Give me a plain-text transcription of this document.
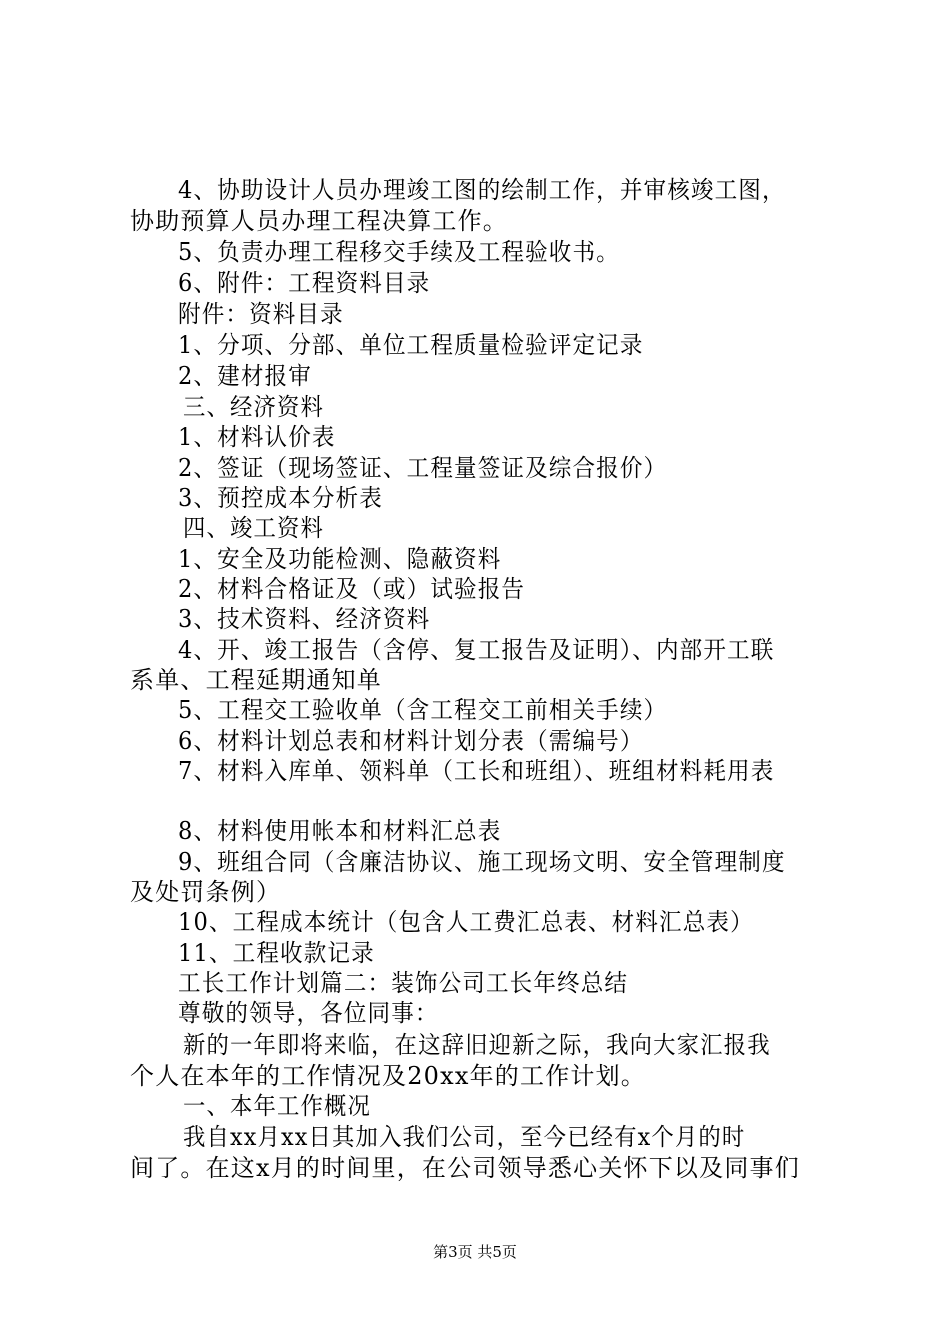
4、协助设计人员办理竣工图的绘制工作，并审核竣工图，
协助预算人员办理工程决算工作。
5、负责办理工程移交手续及工程验收书。
6、附件：工程资料目录
附件：资料目录
1、分项、分部、单位工程质量检验评定记录
2、建材报审
三、经济资料
1、材料认价表
2、签证（现场签证、工程量签证及综合报价）
3、预控成本分析表
四、竣工资料
1、安全及功能检测、隐蔽资料
2、材料合格证及（或）试验报告
3、技术资料、经济资料
4、开、竣工报告（含停、复工报告及证明）、内部开工联
系单、工程延期通知单
5、工程交工验收单（含工程交工前相关手续）
6、材料计划总表和材料计划分表（需编号）
7、材料入库单、领料单（工长和班组）、班组材料耗用表
8、材料使用帐本和材料汇总表
9、班组合同（含廉洁协议、施工现场文明、安全管理制度
及处罚条例）
10、工程成本统计（包含人工费汇总表、材料汇总表）
11、工程收款记录
工长工作计划篇二：装饰公司工长年终总结
尊敬的领导，各位同事：
新的一年即将来临，在这辞旧迎新之际，我向大家汇报我
个人在本年的工作情况及20xx年的工作计划。
一、本年工作概况
我自xx月xx日其加入我们公司，至今已经有x个月的时
间了。在这x月的时间里，在公司领导悉心关怀下以及同事们
第3页 共5页
